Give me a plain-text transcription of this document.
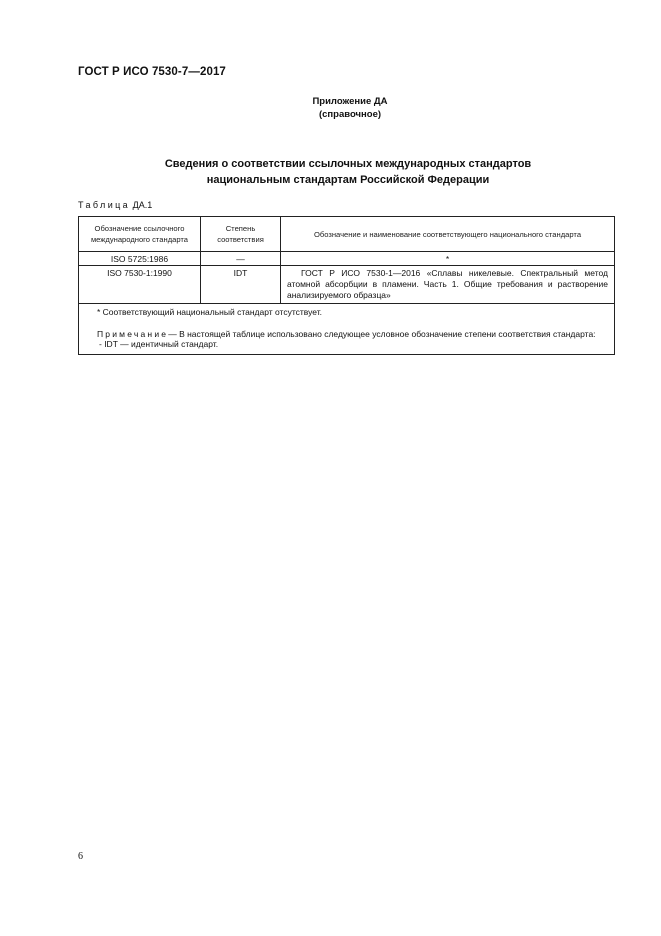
ГОСТ Р ИСО 7530-7—2017
Приложение ДА
(справочное)
Сведения о соответствии ссылочных международных стандартов
национальным стандартам Российской Федерации
Таблица ДА.1
Обозначение ссылочного международного стандарта	Степень соответствия	Обозначение и наименование соответствующего национального стандарта
ISO 5725:1986	—	*
ISO 7530-1:1990	IDT	ГОСТ Р ИСО 7530-1—2016 «Сплавы никелевые. Спектральный метод атомной абсорбции в пламени. Часть 1. Общие требования и растворение анализируемого образца»

* Соответствующий национальный стандарт отсутствует.

Примечание— В настоящей таблице использовано следующее условное обозначение степени соответствия стандарта:

- IDT — идентичный стандарт.		

6
